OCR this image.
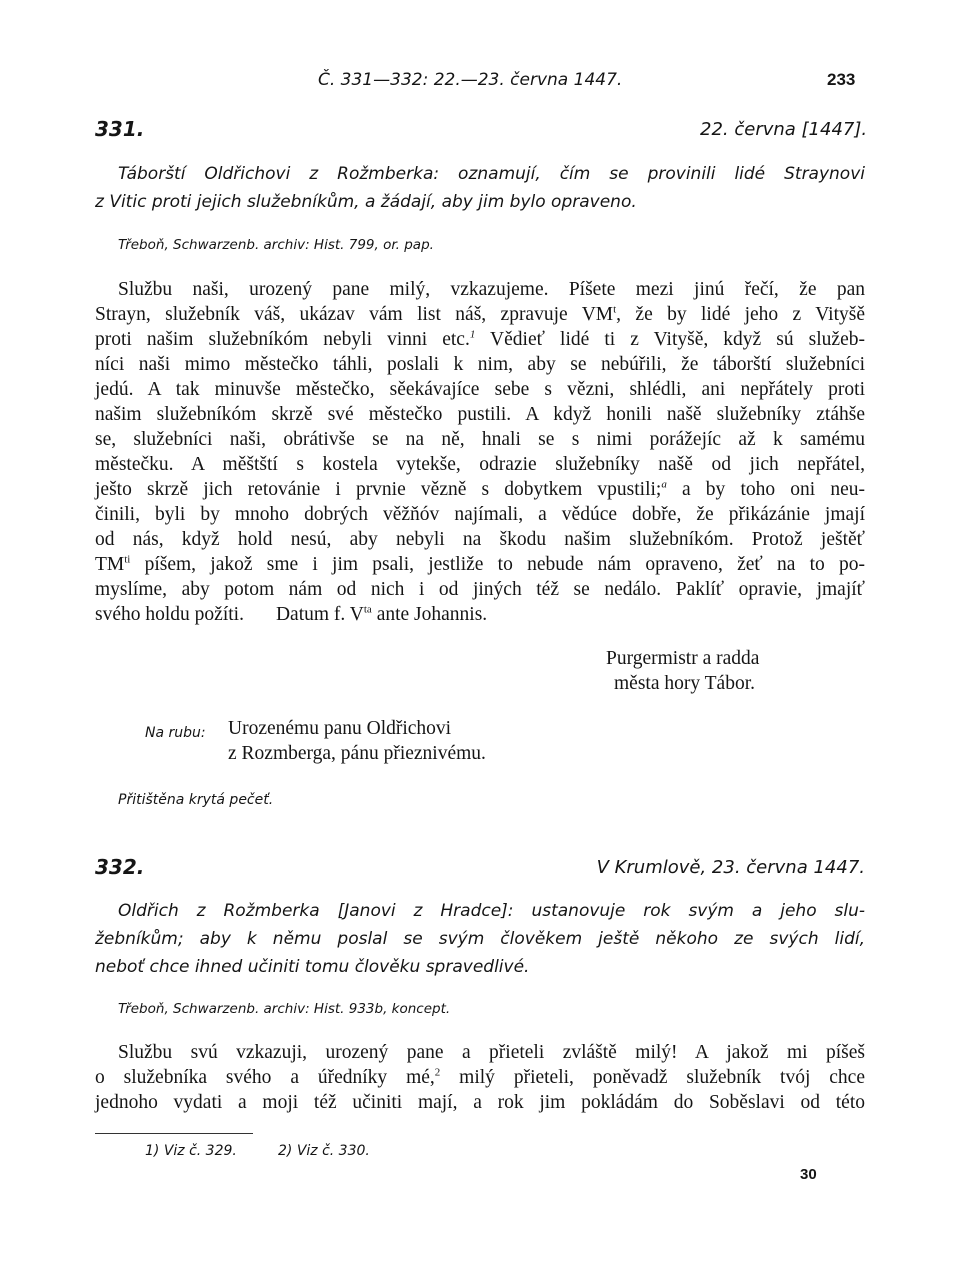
Č. 331—332: 22.—23. června 1447.	233
331.	22. června [1447].
Táborští Oldřichovi z Rožmberka: oznamují, čím se provinili lidé Straynovi
z Vitic proti jejich služebníkům, a žádají, aby jim bylo opraveno.
Třeboň, Schwarzenb. archiv: Hist. 799, or. pap.
Službu naši, urozený pane milý, vzkazujeme. Píšete mezi jinú řečí, že pan
Strayn, služebník váš, ukázav vám list náš, zpravuje $VM^t$, že by lidé jeho z Vityšě
proti našim služebníkóm nebyli vinni etc.$^1$ Vědieť lidé ti z Vityšě, když sú služeb-
níci naši mimo městečko táhli, poslali k nim, aby se nebúřili, že táborští služebníci
jedú. A tak minuvše městečko, sěekávajíce sebe s vězni, shlédli, ani nepřátely proti
našim služebníkóm skrzě své městečko pustili. A když honili našě služebníky ztáhše
se, služebníci naši, obrátivše se na ně, hnali se s nimi porážejíc až k samému
městečku. A měštští s kostela vytekše, odrazie služebníky našě od jich nepřátel,
ješto skrzě jich retovánie i prvnie vězně s dobytkem vpustili;$^a$ a by toho oni neu-
činili, byli by mnoho dobrých věžňóv najímali, a vědúce dobře, že přikázánie jmají
od nás, když hold nesú, aby nebyli na škodu našim služebníkóm. Protož ještěť
$TM^{ti}$ píšem, jakož sme i jim psali, jestliže to nebude nám opraveno, žeť na to po-
myslíme, aby potom nám od nich i od jiných též se nedálo. Paklíť opravie, jmajíť
svého holdu požíti. Datum f. $V^{ta}$ ante Johannis.
Purgermistr a radda
města hory Tábor.
Na rubu: Urozenému panu Oldřichovi
z Rozmberga, pánu přieznivému.
Přitištěna krytá pečeť.
332.	V Krumlově, 23. června 1447.
Oldřich z Rožmberka [Janovi z Hradce]: ustanovuje rok svým a jeho slu-
žebníkům; aby k němu poslal se svým člověkem ještě někoho ze svých lidí,
neboť chce ihned učiniti tomu člověku spravedlivé.
Třeboň, Schwarzenb. archiv: Hist. 933b, koncept.
Službu svú vzkazuji, urozený pane a přieteli zvláště milý! A jakož mi píšeš
o služebníka svého a úředníky mé,$^2$ milý přieteli, poněvadž služebník tvój chce
jednoho vydati a moji též učiniti mají, a rok jim pokládám do Soběslavi od této
1) Viz č. 329.	2) Viz č. 330.
30
